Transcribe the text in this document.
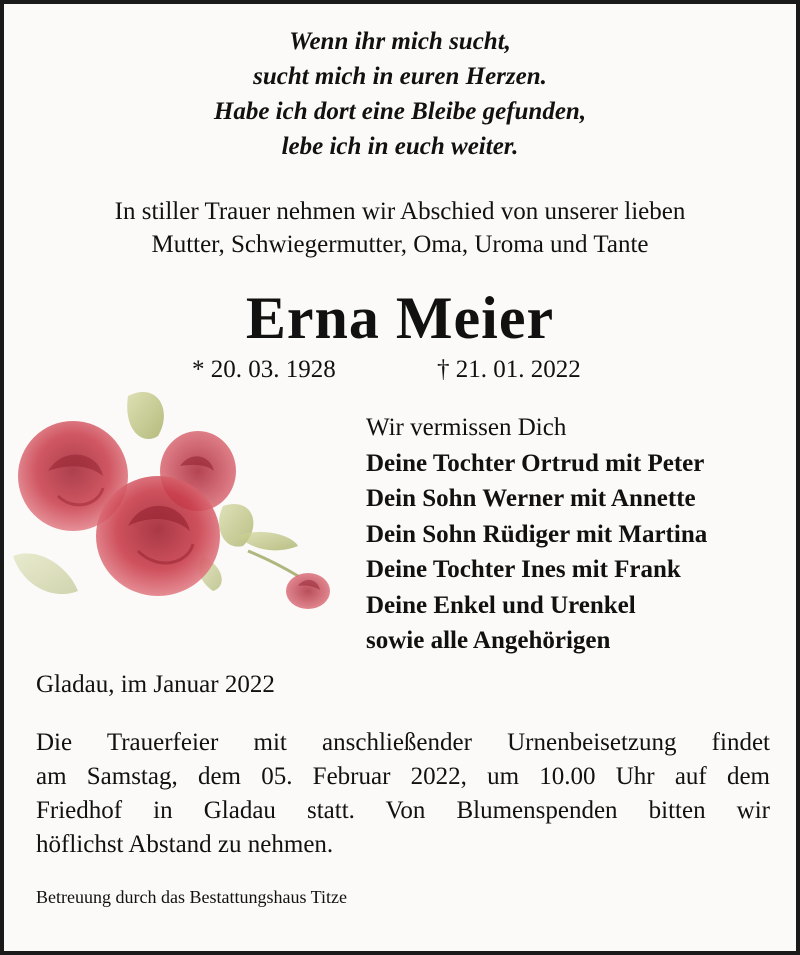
Wenn ihr mich sucht,
sucht mich in euren Herzen.
Habe ich dort eine Bleibe gefunden,
lebe ich in euch weiter.
In stiller Trauer nehmen wir Abschied von unserer lieben
Mutter, Schwiegermutter, Oma, Uroma und Tante
Erna Meier
* 20. 03. 1928	† 21. 01. 2022
Wir vermissen Dich
Deine Tochter Ortrud mit Peter
Dein Sohn Werner mit Annette
Dein Sohn Rüdiger mit Martina
Deine Tochter Ines mit Frank
Deine Enkel und Urenkel
sowie alle Angehörigen
Gladau, im Januar 2022
Die Trauerfeier mit anschließender Urnenbeisetzung findet
am Samstag, dem 05. Februar 2022, um 10.00 Uhr auf dem
Friedhof in Gladau statt. Von Blumenspenden bitten wir
höflichst Abstand zu nehmen.
Betreuung durch das Bestattungshaus Titze
